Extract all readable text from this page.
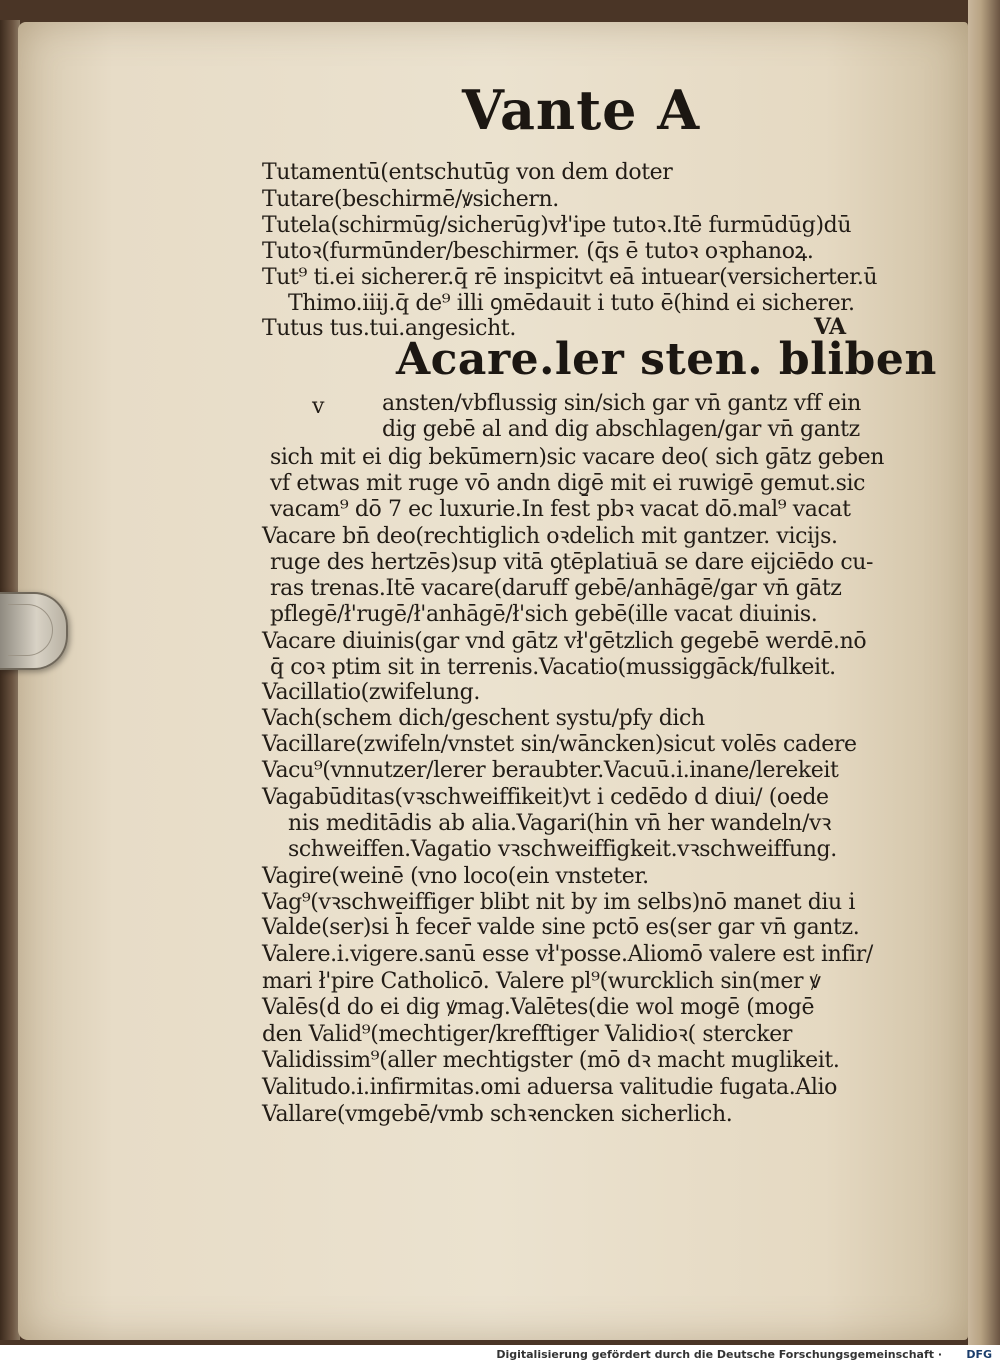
Vante A
Tutamentū(entschutūg von dem doter
Tutare(beschirmē/ꝟsichern.
Tutela(schirmūg/sicherūg)vł'ipe tutoꝛ.Itē furmūdūg)dū
Tutoꝛ(furmūnder/beschirmer. (q̄s ē tutoꝛ oꝛphanoꝝ.
Tut⁹ ti.ei sicherer.q̄ rē inspicitvt eā intuear(versicherter.ū
Thimo.iiij.q̄ de⁹ illi ꝯmēdauit i tuto ē(hind ei sicherer.
Tutus tus.tui.angesicht.	VA
Acare.ler sten. bliben
v	ansten/vbflussig sin/sich gar vn̄ gantz vff ein
dig gebē al and dig abschlagen/gar vn̄ gantz
sich mit ei dig bekūmern)sic vacare deo( sich gātz geben
vf etwas mit ruge vō andn digē mit ei ruwigē gemut.sic
vacam⁹ dō 7 ec luxurie.In fest̄ pbꝛ vacat dō.mal⁹ vacat
Vacare bn̄ deo(rechtiglich oꝛdelich mit gantzer. vicijs.
ruge des hertzēs)sup vitā ꝯtēplatiuā se dare eijciēdo cu-
ras trenas.Itē vacare(daruff gebē/anhāgē/gar vn̄ gātz
pflegē/ł'rugē/ł'anhāgē/ł'sich gebē(ille vacat diuinis.
Vacare diuinis(gar vnd gātz vł'gētzlich gegebē werdē.nō
q̄ coꝛ ptim sit in terrenis.Vacatio(mussiggāck/fulkeit.
Vacillatio(zwifelung.
Vach(schem dich/geschent systu/pfy dich
Vacillare(zwifeln/vnstet sin/wāncken)sicut volēs cadere
Vacu⁹(vnnutzer/lerer beraubter.Vacuū.i.inane/lerekeit
Vagabūditas(vꝛschweiffikeit)vt i cedēdo d diui/ (oede
nis meditādis ab alia.Vagari(hin vn̄ her wandeln/vꝛ
schweiffen.Vagatio vꝛschweiffigkeit.vꝛschweiffung.
Vagire(weinē (vno loco(ein vnsteter.
Vag⁹(vꝛschweiffiger blibt nit by im selbs)nō manet diu i
Valde(ser)si h̄ fecer̄ valde sine pctō es(ser gar vn̄ gantz.
Valere.i.vigere.sanū esse vł'posse.Aliomō valere est infir/
mari ł'pire Catholicō. Valere pl⁹(wurcklich sin(mer ꝟ
Valēs(d do ei dig ꝟmag.Valētes(die wol mogē (mogē
den Valid⁹(mechtiger/krefftiger Validioꝛ( stercker
Validissim⁹(aller mechtigster (mō dꝛ macht muglikeit.
Valitudo.i.infirmitas.omi aduersa valitudie fugata.Alio
Vallare(vmgebē/vmb schꝛencken sicherlich.
Digitalisierung gefördert durch die Deutsche Forschungsgemeinschaft · DFG
